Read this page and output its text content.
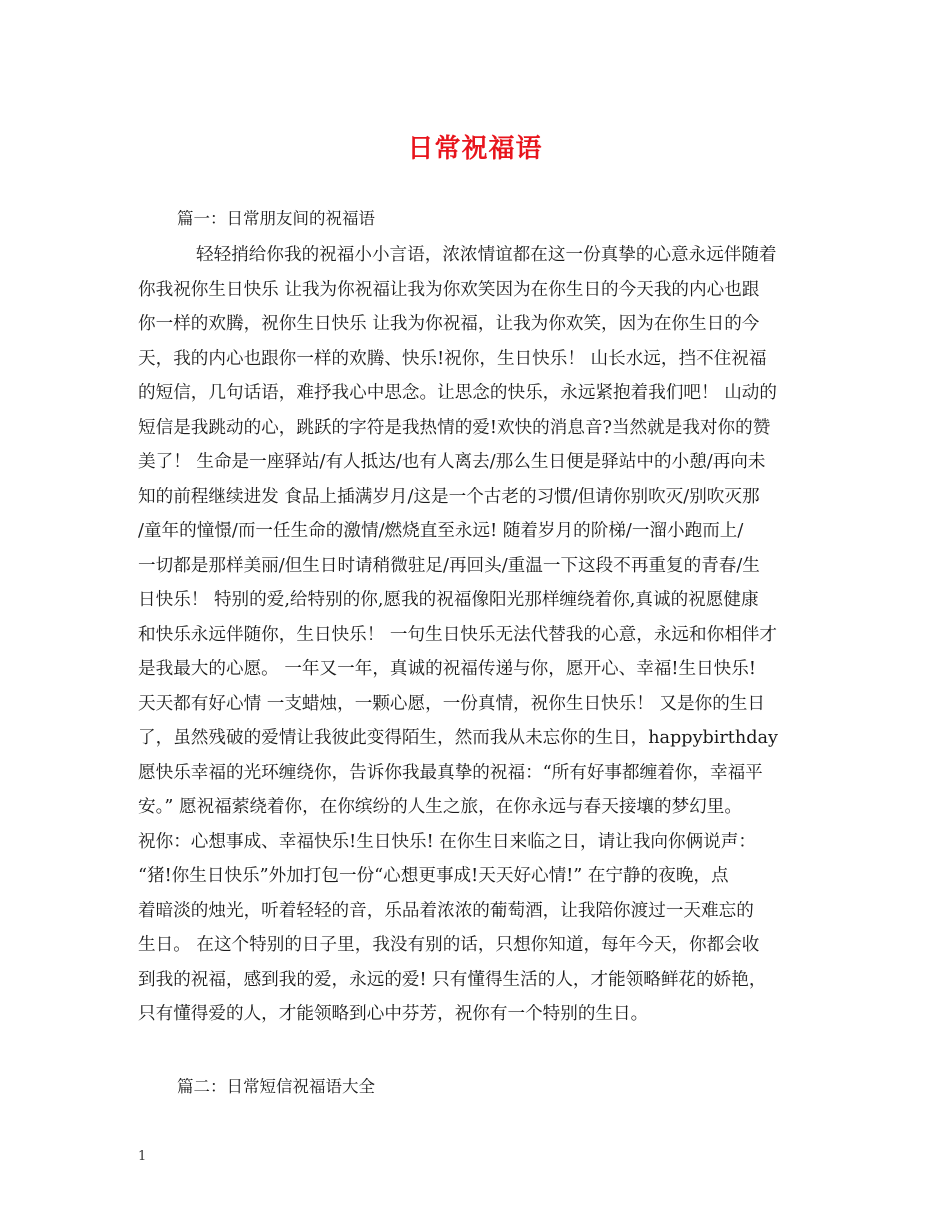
日常祝福语
篇一：日常朋友间的祝福语
轻轻捎给你我的祝福小小言语，浓浓情谊都在这一份真挚的心意永远伴随着
你我祝你生日快乐 让我为你祝福让我为你欢笑因为在你生日的今天我的内心也跟
你一样的欢腾，祝你生日快乐 让我为你祝福，让我为你欢笑，因为在你生日的今
天，我的内心也跟你一样的欢腾、快乐!祝你，生日快乐！ 山长水远，挡不住祝福
的短信，几句话语，难抒我心中思念。让思念的快乐，永远紧抱着我们吧！ 山动的
短信是我跳动的心，跳跃的字符是我热情的爱!欢快的消息音?当然就是我对你的赞
美了！ 生命是一座驿站/有人抵达/也有人离去/那么生日便是驿站中的小憩/再向未
知的前程继续进发 食品上插满岁月/这是一个古老的习惯/但请你别吹灭/别吹灭那
/童年的憧憬/而一任生命的激情/燃烧直至永远! 随着岁月的阶梯/一溜小跑而上/
一切都是那样美丽/但生日时请稍微驻足/再回头/重温一下这段不再重复的青春/生
日快乐！ 特别的爱,给特别的你,愿我的祝福像阳光那样缠绕着你,真诚的祝愿健康
和快乐永远伴随你，生日快乐！ 一句生日快乐无法代替我的心意，永远和你相伴才
是我最大的心愿。 一年又一年，真诚的祝福传递与你，愿开心、幸福!生日快乐!
天天都有好心情 一支蜡烛，一颗心愿，一份真情，祝你生日快乐！ 又是你的生日
了，虽然残破的爱情让我彼此变得陌生，然而我从未忘你的生日，happybirthday
愿快乐幸福的光环缠绕你，告诉你我最真挚的祝福：“所有好事都缠着你，幸福平
安。” 愿祝福萦绕着你，在你缤纷的人生之旅，在你永远与春天接壤的梦幻里。
祝你：心想事成、幸福快乐!生日快乐! 在你生日来临之日，请让我向你俩说声：
“猪!你生日快乐”外加打包一份“心想更事成!天天好心情!” 在宁静的夜晚，点
着暗淡的烛光，听着轻轻的音，乐品着浓浓的葡萄酒，让我陪你渡过一天难忘的
生日。 在这个特别的日子里，我没有别的话，只想你知道，每年今天，你都会收
到我的祝福，感到我的爱，永远的爱! 只有懂得生活的人，才能领略鲜花的娇艳，
只有懂得爱的人，才能领略到心中芬芳，祝你有一个特别的生日。
篇二：日常短信祝福语大全
1
